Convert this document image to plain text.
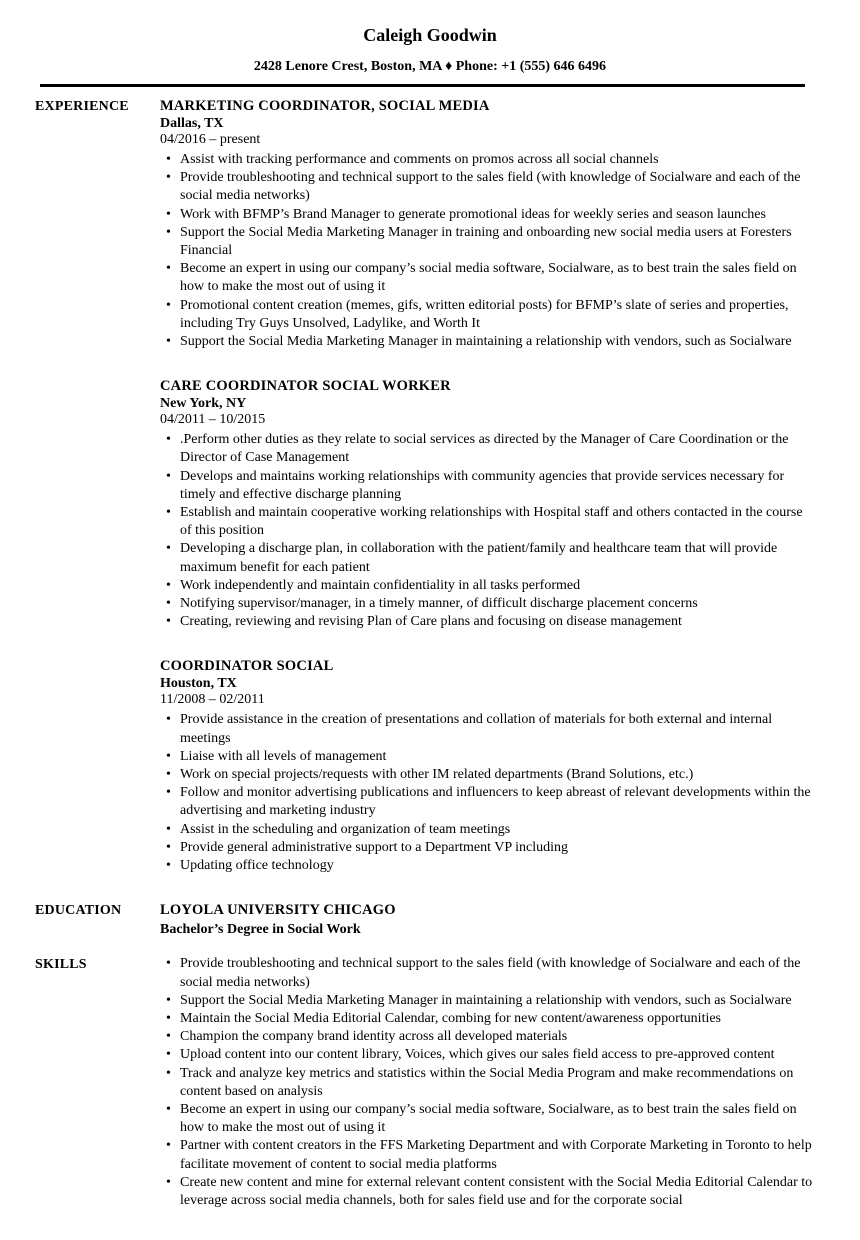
Caleigh Goodwin
2428 Lenore Crest, Boston, MA ♦ Phone: +1 (555) 646 6496
EXPERIENCE	MARKETING COORDINATOR, SOCIAL MEDIA
Dallas, TX
04/2016 – present
• Assist with tracking performance and comments on promos across all social channels
• Provide troubleshooting and technical support to the sales field (with knowledge of Socialware and each of the social media networks)
• Work with BFMP’s Brand Manager to generate promotional ideas for weekly series and season launches
• Support the Social Media Marketing Manager in training and onboarding new social media users at Foresters Financial
• Become an expert in using our company’s social media software, Socialware, as to best train the sales field on how to make the most out of using it
• Promotional content creation (memes, gifs, written editorial posts) for BFMP’s slate of series and properties, including Try Guys Unsolved, Ladylike, and Worth It
• Support the Social Media Marketing Manager in maintaining a relationship with vendors, such as Socialware
CARE COORDINATOR SOCIAL WORKER
New York, NY
04/2011 – 10/2015
• .Perform other duties as they relate to social services as directed by the Manager of Care Coordination or the Director of Case Management
• Develops and maintains working relationships with community agencies that provide services necessary for timely and effective discharge planning
• Establish and maintain cooperative working relationships with Hospital staff and others contacted in the course of this position
• Developing a discharge plan, in collaboration with the patient/family and healthcare team that will provide maximum benefit for each patient
• Work independently and maintain confidentiality in all tasks performed
• Notifying supervisor/manager, in a timely manner, of difficult discharge placement concerns
• Creating, reviewing and revising Plan of Care plans and focusing on disease management
COORDINATOR SOCIAL
Houston, TX
11/2008 – 02/2011
• Provide assistance in the creation of presentations and collation of materials for both external and internal meetings
• Liaise with all levels of management
• Work on special projects/requests with other IM related departments (Brand Solutions, etc.)
• Follow and monitor advertising publications and influencers to keep abreast of relevant developments within the advertising and marketing industry
• Assist in the scheduling and organization of team meetings
• Provide general administrative support to a Department VP including
• Updating office technology
EDUCATION	LOYOLA UNIVERSITY CHICAGO
Bachelor’s Degree in Social Work
SKILLS	• Provide troubleshooting and technical support to the sales field (with knowledge of Socialware and each of the social media networks)
• Support the Social Media Marketing Manager in maintaining a relationship with vendors, such as Socialware
• Maintain the Social Media Editorial Calendar, combing for new content/awareness opportunities
• Champion the company brand identity across all developed materials
• Upload content into our content library, Voices, which gives our sales field access to pre-approved content
• Track and analyze key metrics and statistics within the Social Media Program and make recommendations on content based on analysis
• Become an expert in using our company’s social media software, Socialware, as to best train the sales field on how to make the most out of using it
• Partner with content creators in the FFS Marketing Department and with Corporate Marketing in Toronto to help facilitate movement of content to social media platforms
• Create new content and mine for external relevant content consistent with the Social Media Editorial Calendar to leverage across social media channels, both for sales field use and for the corporate social
